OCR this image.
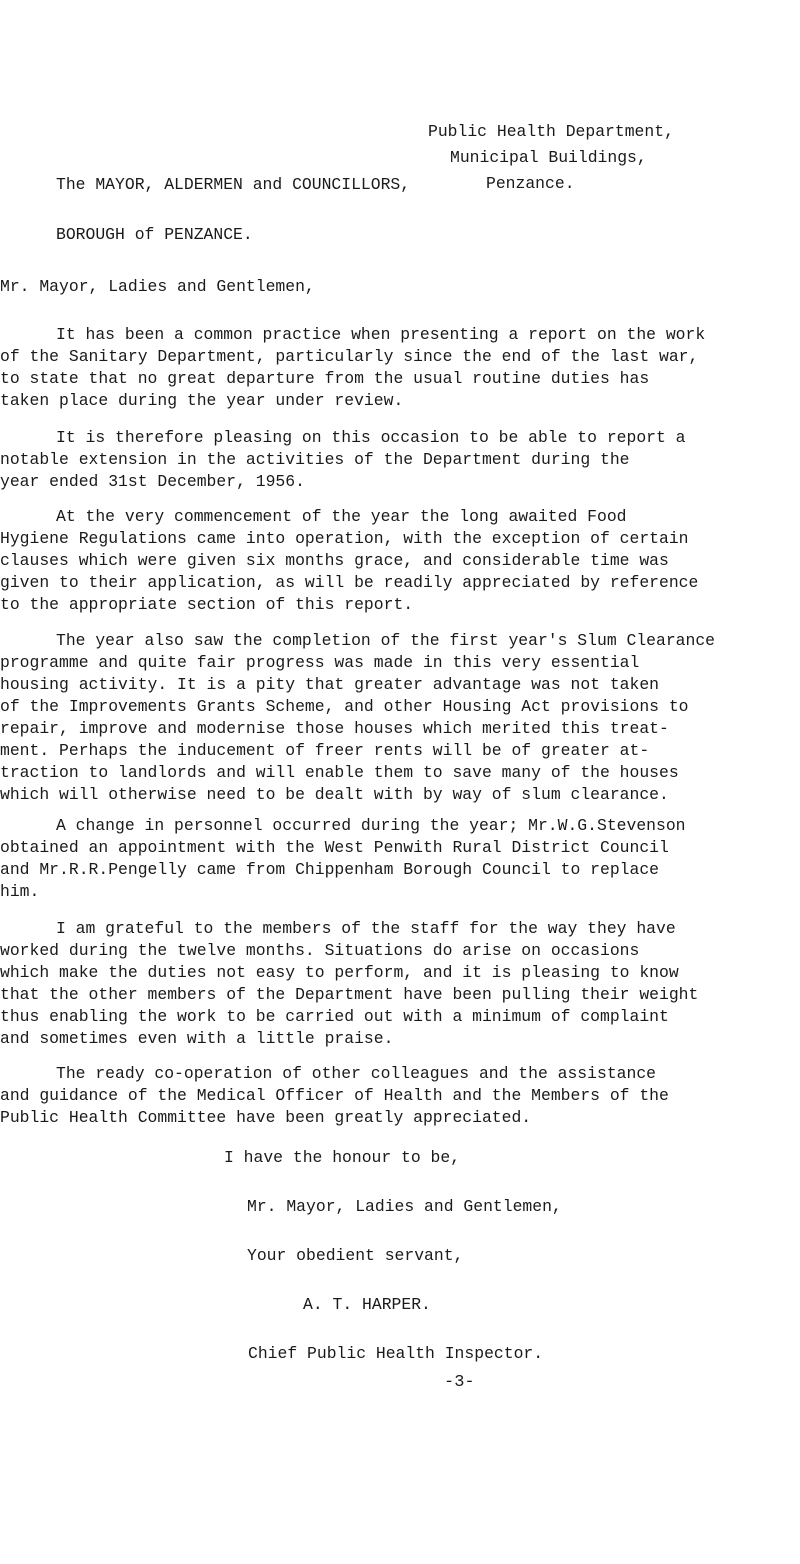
Public Health Department,
Municipal Buildings,
Penzance.
The MAYOR, ALDERMEN and COUNCILLORS,
BOROUGH of PENZANCE.
Mr. Mayor, Ladies and Gentlemen,
It has been a common practice when presenting a report on the work
of the Sanitary Department, particularly since the end of the last war,
to state that no great departure from the usual routine duties has
taken place during the year under review.
It is therefore pleasing on this occasion to be able to report a
notable extension in the activities of the Department during the
year ended 31st December, 1956.
At the very commencement of the year the long awaited Food
Hygiene Regulations came into operation, with the exception of certain
clauses which were given six months grace, and considerable time was
given to their application, as will be readily appreciated by reference
to the appropriate section of this report.
The year also saw the completion of the first year's Slum Clearance
programme and quite fair progress was made in this very essential
housing activity. It is a pity that greater advantage was not taken
of the Improvements Grants Scheme, and other Housing Act provisions to
repair, improve and modernise those houses which merited this treat-
ment. Perhaps the inducement of freer rents will be of greater at-
traction to landlords and will enable them to save many of the houses
which will otherwise need to be dealt with by way of slum clearance.
A change in personnel occurred during the year; Mr.W.G.Stevenson
obtained an appointment with the West Penwith Rural District Council
and Mr.R.R.Pengelly came from Chippenham Borough Council to replace
him.
I am grateful to the members of the staff for the way they have
worked during the twelve months. Situations do arise on occasions
which make the duties not easy to perform, and it is pleasing to know
that the other members of the Department have been pulling their weight
thus enabling the work to be carried out with a minimum of complaint
and sometimes even with a little praise.
The ready co-operation of other colleagues and the assistance
and guidance of the Medical Officer of Health and the Members of the
Public Health Committee have been greatly appreciated.
I have the honour to be,
Mr. Mayor, Ladies and Gentlemen,
Your obedient servant,
A. T. HARPER.
Chief Public Health Inspector.
-3-
